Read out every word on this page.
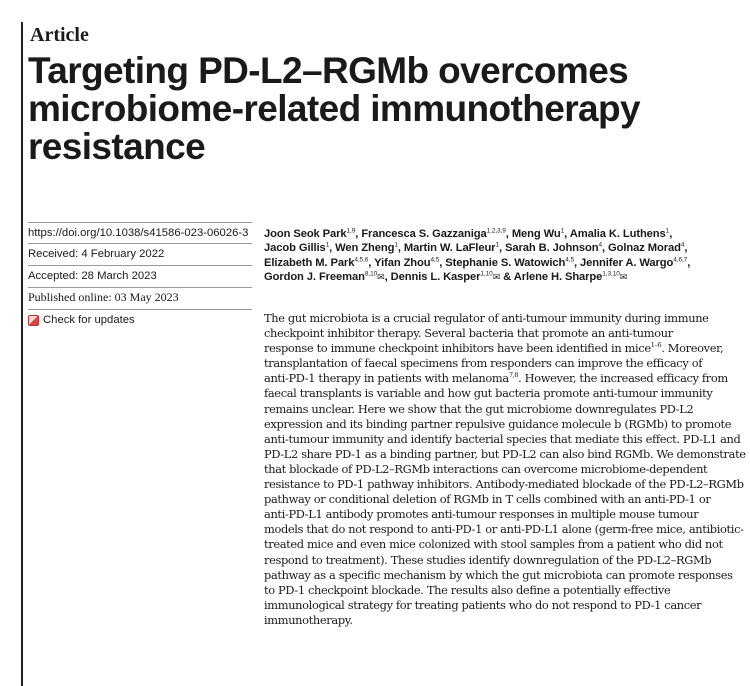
Article
Targeting PD-L2–RGMb overcomes
microbiome-related immunotherapy
resistance
https://doi.org/10.1038/s41586-023-06026-3
Received: 4 February 2022
Accepted: 28 March 2023
Published online: 03 May 2023
Check for updates

Joon Seok Park$^{1,9}$, Francesca S. Gazzaniga$^{1,2,3,9}$, Meng Wu$^1$, Amalia K. Luthens$^1$, Jacob Gillis$^1$, Wen Zheng$^1$, Martin W. LaFleur$^1$, Sarah B. Johnson$^4$, Golnaz Morad$^4$, Elizabeth M. Park$^{4,5,6}$, Yifan Zhou$^{4,5}$, Stephanie S. Watowich$^{4,5}$, Jennifer A. Wargo$^{4,6,7}$, Gordon J. Freeman$^{8,10}$✉, Dennis L. Kasper$^{1,10}$✉ & Arlene H. Sharpe$^{1,3,10}$✉

The gut microbiota is a crucial regulator of anti-tumour immunity during immune
checkpoint inhibitor therapy. Several bacteria that promote an anti-tumour
response to immune checkpoint inhibitors have been identified in mice$^{1-6}$. Moreover,
transplantation of faecal specimens from responders can improve the efficacy of
anti-PD-1 therapy in patients with melanoma$^{7,8}$. However, the increased efficacy from
faecal transplants is variable and how gut bacteria promote anti-tumour immunity
remains unclear. Here we show that the gut microbiome downregulates PD-L2
expression and its binding partner repulsive guidance molecule b (RGMb) to promote
anti-tumour immunity and identify bacterial species that mediate this effect. PD-L1 and
PD-L2 share PD-1 as a binding partner, but PD-L2 can also bind RGMb. We demonstrate
that blockade of PD-L2–RGMb interactions can overcome microbiome-dependent
resistance to PD-1 pathway inhibitors. Antibody-mediated blockade of the PD-L2–RGMb
pathway or conditional deletion of RGMb in T cells combined with an anti-PD-1 or
anti-PD-L1 antibody promotes anti-tumour responses in multiple mouse tumour
models that do not respond to anti-PD-1 or anti-PD-L1 alone (germ-free mice, antibiotic-
treated mice and even mice colonized with stool samples from a patient who did not
respond to treatment). These studies identify downregulation of the PD-L2–RGMb
pathway as a specific mechanism by which the gut microbiota can promote responses
to PD-1 checkpoint blockade. The results also define a potentially effective
immunological strategy for treating patients who do not respond to PD-1 cancer
immunotherapy.
